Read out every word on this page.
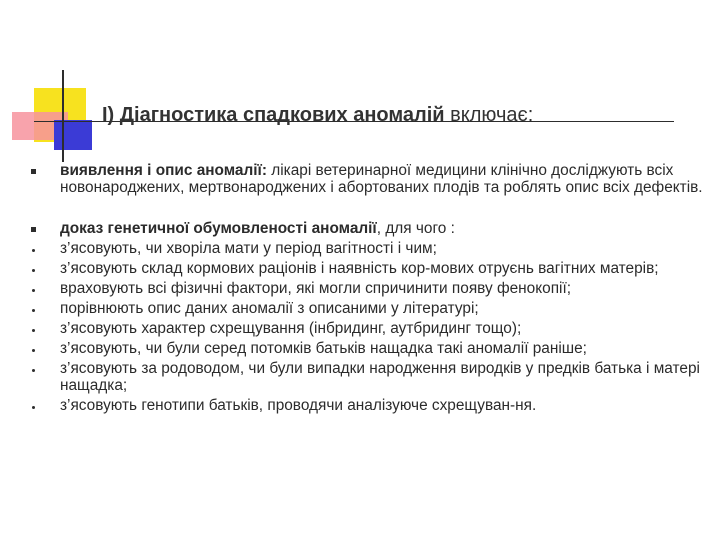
І) Діагностика спадкових аномалій включає:
виявлення і опис аномалії: лікарі ветеринарної медицини клінічно досліджують всіх новонароджених, мертвонароджених і абортованих плодів та роблять опис всіх дефектів.
доказ генетичної обумовленості аномалії, для чого :
з’ясовують, чи хворіла мати у період вагітності і чим;
з’ясовують склад кормових раціонів і наявність кор-мових отруєнь вагітних матерів;
враховують всі фізичні фактори, які могли спричинити появу фенокопії;
порівнюють опис даних аномалії з описаними у літературі;
з’ясовують характер схрещування (інбридинг, аутбридинг тощо);
з’ясовують, чи були серед потомків батьків нащадка такі аномалії раніше;
з’ясовують за родоводом, чи були випадки народження виродків у предків батька і матері нащадка;
з’ясовують генотипи батьків, проводячи аналізуюче схрещуван-ня.
